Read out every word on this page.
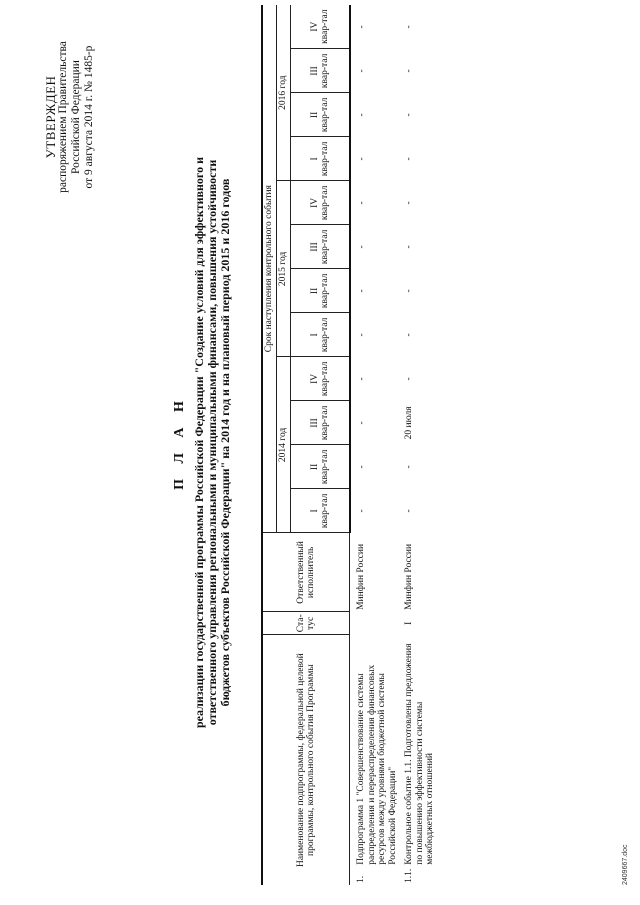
УТВЕРЖДЕН распоряжением Правительства Российской Федерации от 9 августа 2014 г. № 1485-р
П Л А Н реализации государственной программы Российской Федерации "Создание условий для эффективного и ответственного управления региональными и муниципальными финансами, повышения устойчивости бюджетов субъектов Российской Федерации" на 2014 год и на плановый период 2015 и 2016 годов
Наименование подпрограммы, федеральной целевой программы, контрольного события Программы		Ста-тус	Ответственный исполнитель	Срок наступления контрольного события											
				2014 год				2015 год				2016 год			

				I квар-тал	II квар-тал	III квар-тал	IV квар-тал	I квар-тал	II квар-тал	III квар-тал	IV квар-тал	I квар-тал	II квар-тал	III квар-тал	IV квар-тал

1.	Подпрограмма 1 "Совершенствование системы распределения и перераспределения финансовых ресурсов между уровнями бюджетной системы Российской Федерации"		Минфин России	-	-	-	-	-	-	-	-	-	-	-	-
1.1.	Контрольное событие 1.1. Подготовлены предложения по повышению эффективности системы межбюджетных отношений	I	Минфин России	-	-	20 июля	-	-	-	-	-	-	-	-	-
2409667.doc
